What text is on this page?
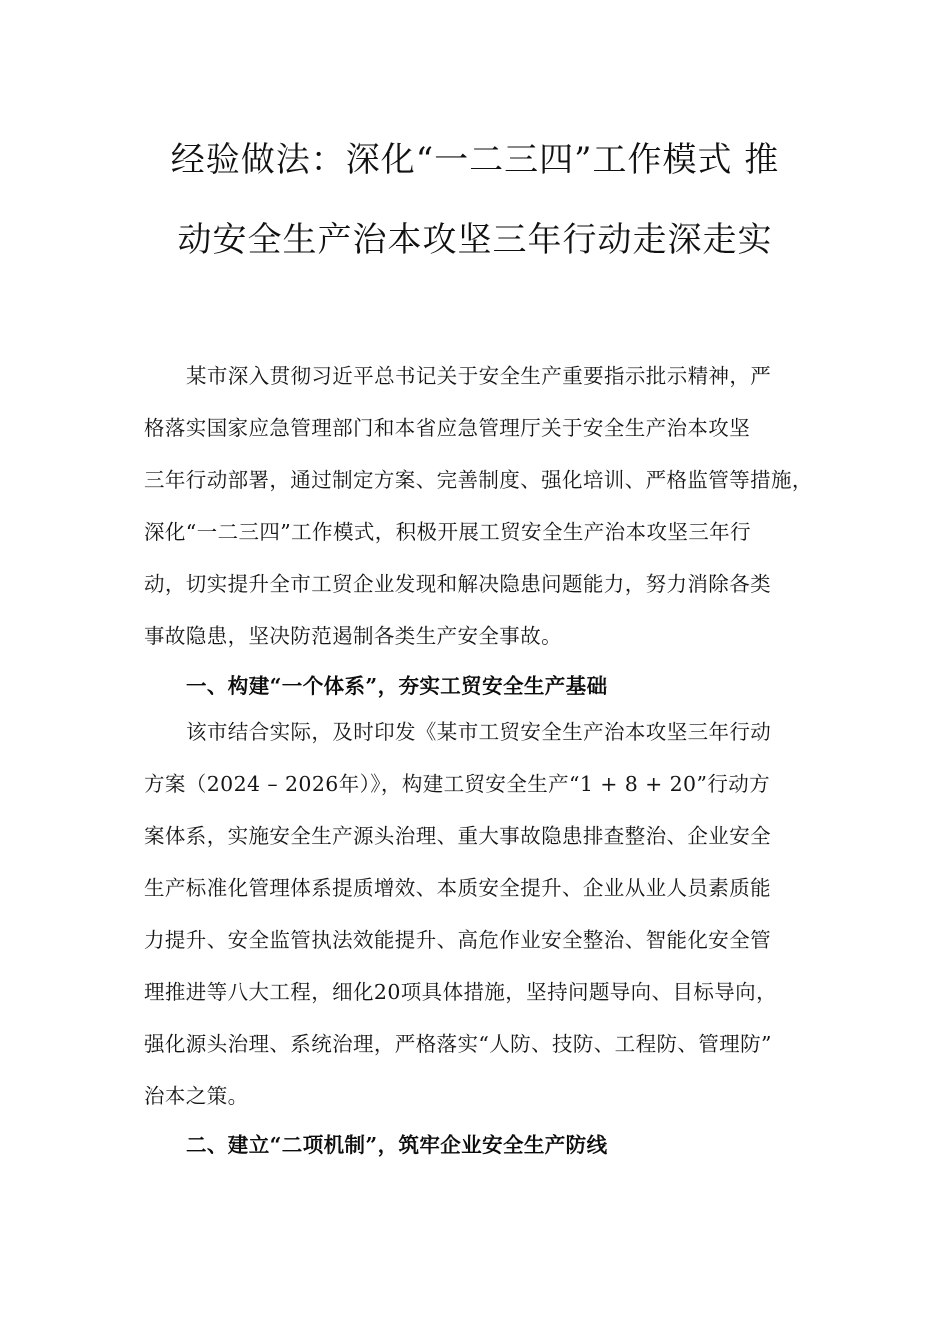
经验做法：深化“一二三四”工作模式 推
动安全生产治本攻坚三年行动走深走实
某市深入贯彻习近平总书记关于安全生产重要指示批示精神，严
格落实国家应急管理部门和本省应急管理厅关于安全生产治本攻坚
三年行动部署，通过制定方案、完善制度、强化培训、严格监管等措施，
深化“一二三四”工作模式，积极开展工贸安全生产治本攻坚三年行
动，切实提升全市工贸企业发现和解决隐患问题能力，努力消除各类
事故隐患，坚决防范遏制各类生产安全事故。
一、构建“一个体系”，夯实工贸安全生产基础
该市结合实际，及时印发《某市工贸安全生产治本攻坚三年行动
方案（2024 – 2026年）》，构建工贸安全生产“1 + 8 + 20”行动方
案体系，实施安全生产源头治理、重大事故隐患排查整治、企业安全
生产标准化管理体系提质增效、本质安全提升、企业从业人员素质能
力提升、安全监管执法效能提升、高危作业安全整治、智能化安全管
理推进等八大工程，细化20项具体措施，坚持问题导向、目标导向，
强化源头治理、系统治理，严格落实“人防、技防、工程防、管理防”
治本之策。
二、建立“二项机制”，筑牢企业安全生产防线
